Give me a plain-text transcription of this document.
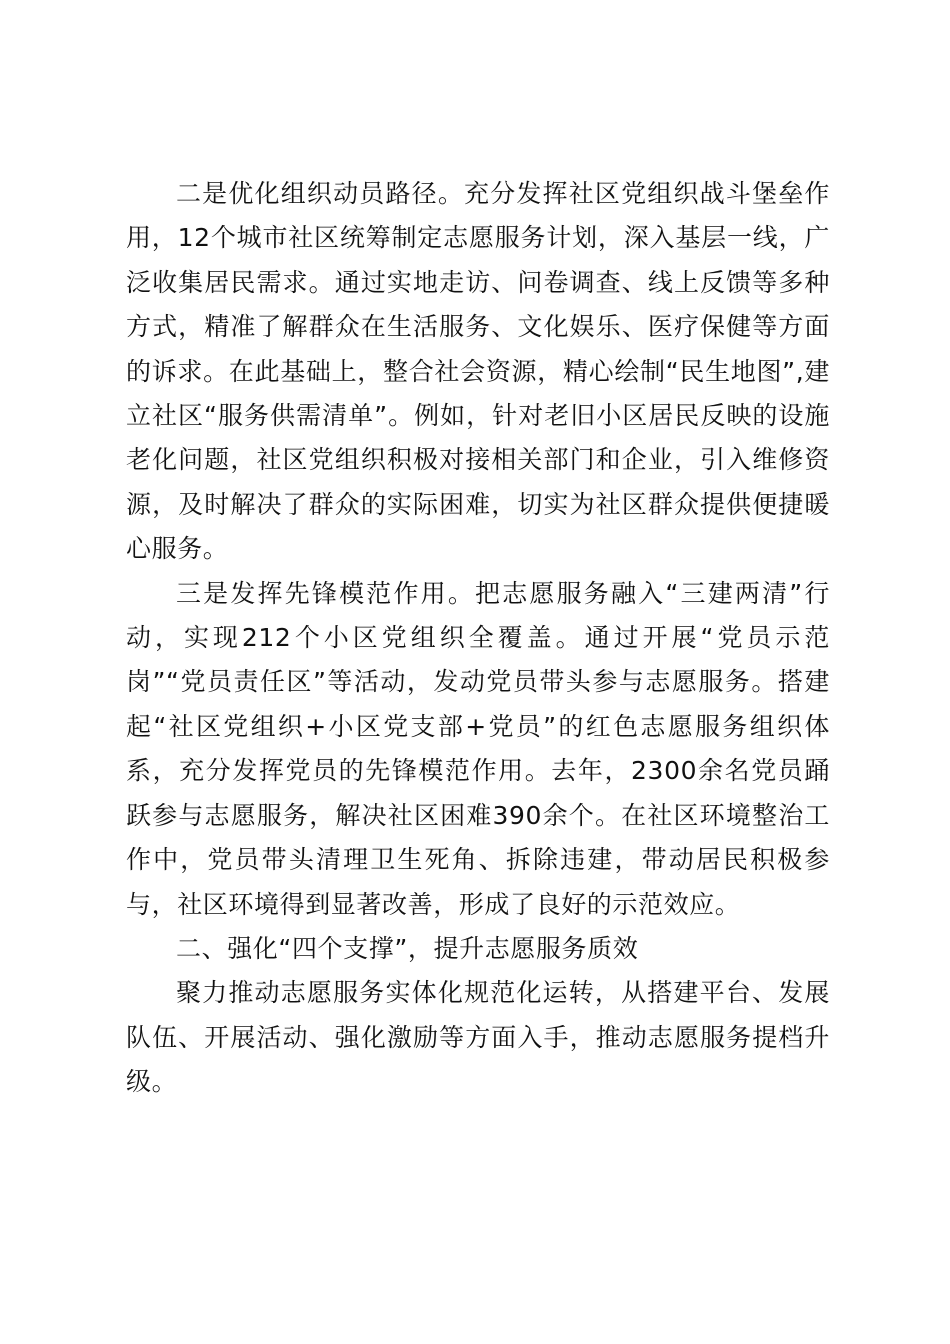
二是优化组织动员路径。充分发挥社区党组织战斗堡垒作用，12个城市社区统筹制定志愿服务计划，深入基层一线，广泛收集居民需求。通过实地走访、问卷调查、线上反馈等多种方式，精准了解群众在生活服务、文化娱乐、医疗保健等方面的诉求。在此基础上，整合社会资源，精心绘制“民生地图”,建立社区“服务供需清单”。例如，针对老旧小区居民反映的设施老化问题，社区党组织积极对接相关部门和企业，引入维修资源，及时解决了群众的实际困难，切实为社区群众提供便捷暖心服务。

三是发挥先锋模范作用。把志愿服务融入“三建两清”行动，实现212个小区党组织全覆盖。通过开展“党员示范岗”“党员责任区”等活动，发动党员带头参与志愿服务。搭建起“社区党组织+小区党支部+党员”的红色志愿服务组织体系，充分发挥党员的先锋模范作用。去年，2300余名党员踊跃参与志愿服务，解决社区困难390余个。在社区环境整治工作中，党员带头清理卫生死角、拆除违建，带动居民积极参与，社区环境得到显著改善，形成了良好的示范效应。

二、强化“四个支撑”，提升志愿服务质效

聚力推动志愿服务实体化规范化运转，从搭建平台、发展队伍、开展活动、强化激励等方面入手，推动志愿服务提档升级。
